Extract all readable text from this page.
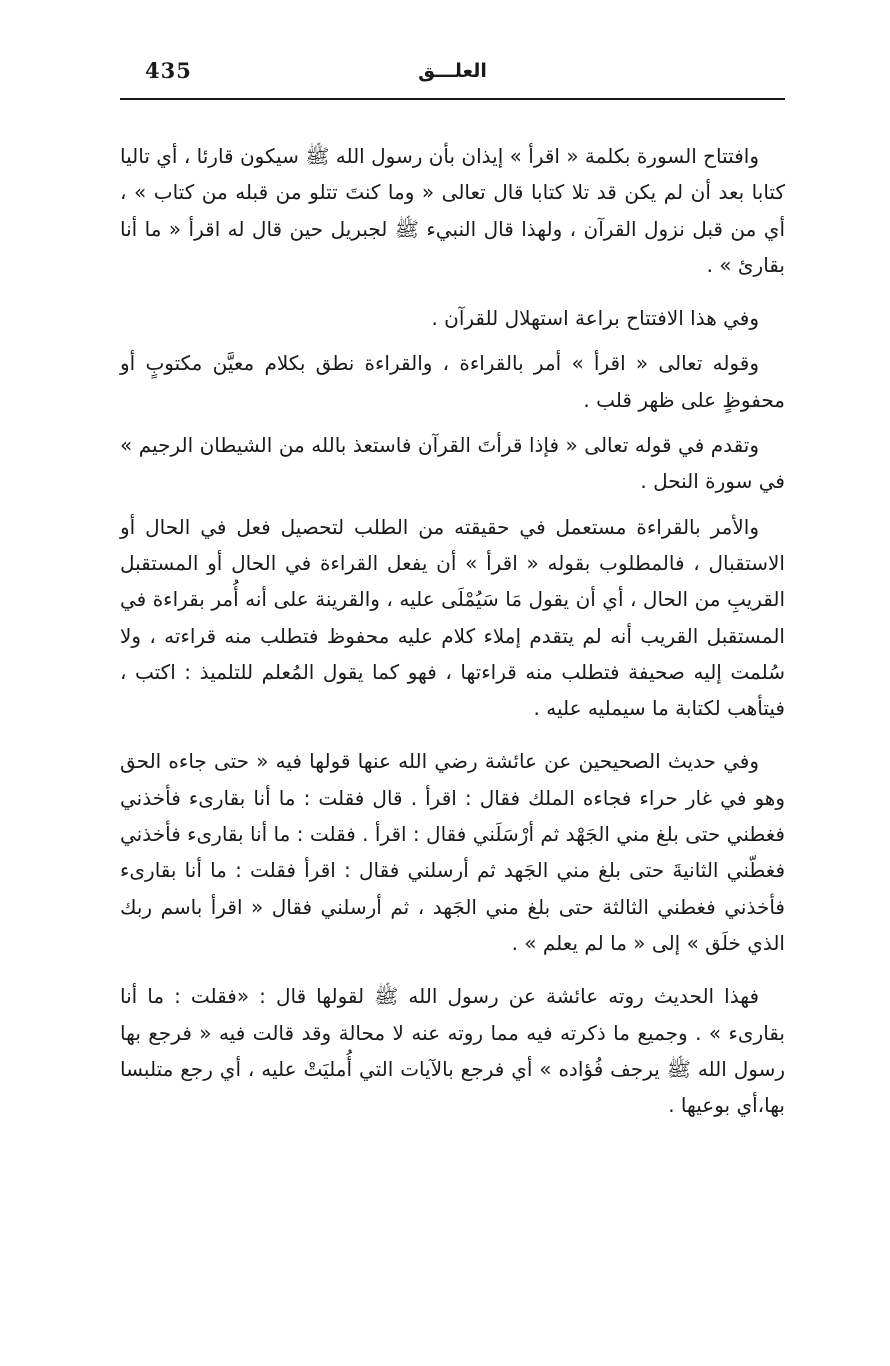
435	العلـــق

وافتتاح السورة بكلمة « اقرأ » إيذان بأن رسول الله ﷺ سيكون قارئا ، أي تاليا كتابا بعد أن لم يكن قد تلا كتابا قال تعالى « وما كنتَ تتلو من قبله من كتاب » ، أي من قبل نزول القرآن ، ولهذا قال النبيء ﷺ لجبريل حين قال له اقرأ « ما أنا بقارئ » .

وفي هذا الافتتاح براعة استهلال للقرآن .

وقوله تعالى « اقرأ » أمر بالقراءة ، والقراءة نطق بكلام معيَّن مكتوبٍ أو محفوظٍ على ظهر قلب .

وتقدم في قوله تعالى « فإذا قرأتَ القرآن فاستعذ بالله من الشيطان الرجيم » في سورة النحل .

والأمر بالقراءة مستعمل في حقيقته من الطلب لتحصيل فعل في الحال أو الاستقبال ، فالمطلوب بقوله « اقرأ » أن يفعل القراءة في الحال أو المستقبل القريبِ من الحال ، أي أن يقول مَا سَيُمْلَى عليه ، والقرينة على أنه أُمر بقراءة في المستقبل القريب أنه لم يتقدم إملاء كلام عليه محفوظ فتطلب منه قراءته ، ولا سُلمت إليه صحيفة فتطلب منه قراءتها ، فهو كما يقول المُعلم للتلميذ : اكتب ، فيتأهب لكتابة ما سيمليه عليه .

وفي حديث الصحيحين عن عائشة رضي الله عنها قولها فيه « حتى جاءه الحق وهو في غار حراء فجاءه الملك فقال : اقرأ . قال فقلت : ما أنا بقارىء فأخذني فغطني حتى بلغ مني الجَهْد ثم أرْسَلَني فقال : اقرأ . فقلت : ما أنا بقارىء فأخذني فغطّني الثانيةَ حتى بلغ مني الجَهد ثم أرسلني فقال : اقرأ فقلت : ما أنا بقارىء فأخذني فغطني الثالثة حتى بلغ مني الجَهد ، ثم أرسلني فقال « اقرأ باسم ربك الذي خلَق » إلى « ما لم يعلم » .

فهذا الحديث روته عائشة عن رسول الله ﷺ لقولها قال : «فقلت : ما أنا بقارىء » . وجميع ما ذكرته فيه مما روته عنه لا محالة وقد قالت فيه « فرجع بها رسول الله ﷺ يرجف فُؤاده » أي فرجع بالآيات التي أُمليَتْ عليه ، أي رجع متلبسا بها،أي بوعيها .
